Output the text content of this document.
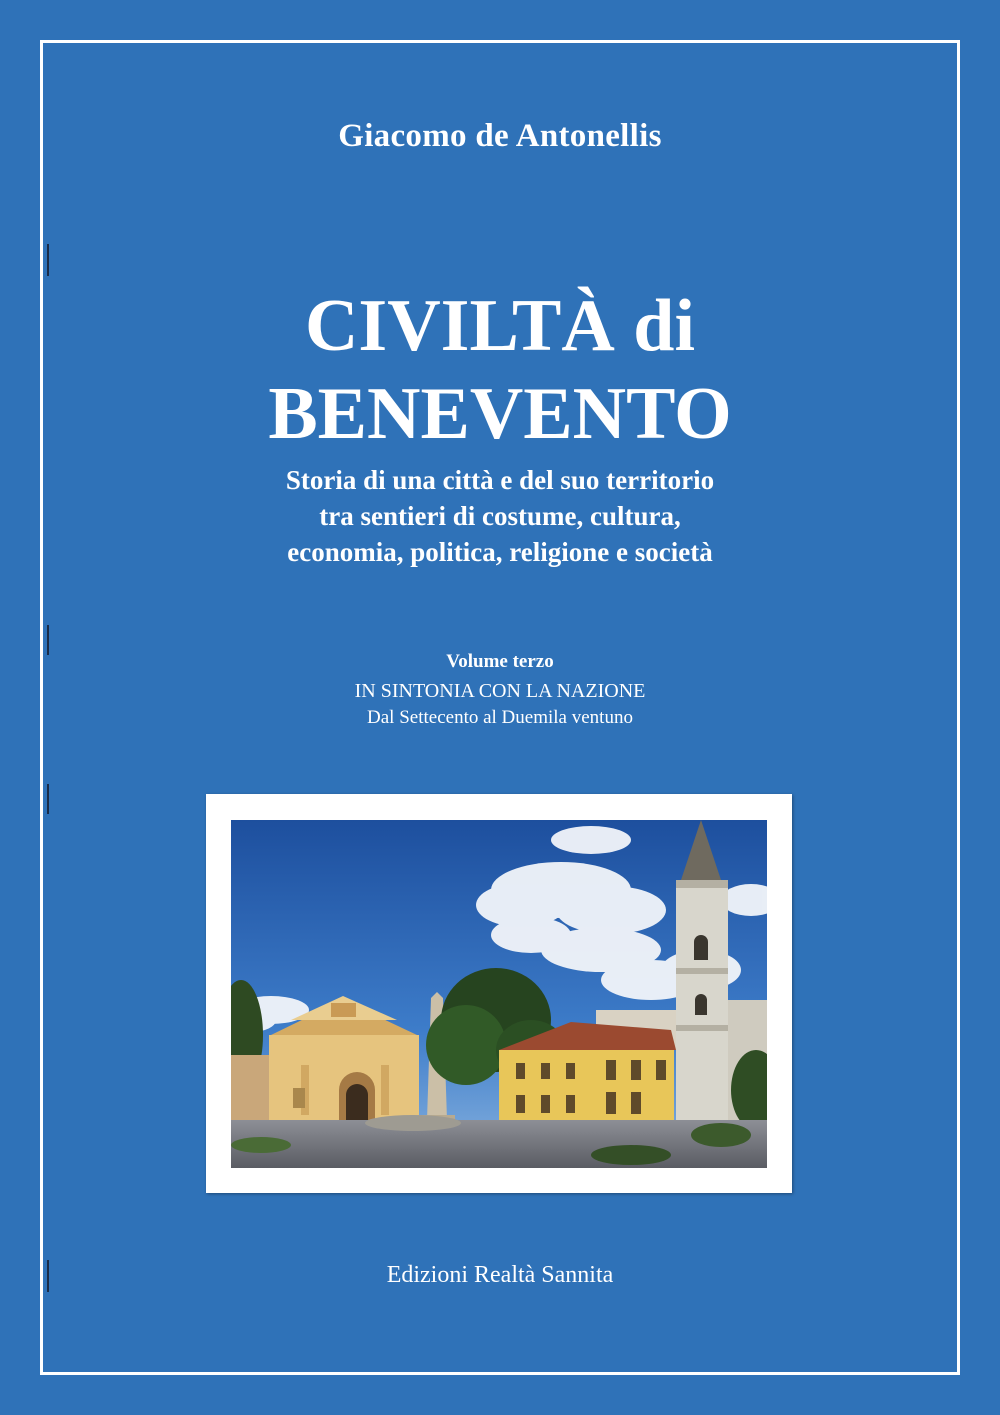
Giacomo de Antonellis
CIVILTÀ di
BENEVENTO
Storia di una città e del suo territorio
tra sentieri di costume, cultura,
economia, politica, religione e società
Volume terzo
IN SINTONIA CON LA NAZIONE
Dal Settecento al Duemila ventuno
Edizioni Realtà Sannita
